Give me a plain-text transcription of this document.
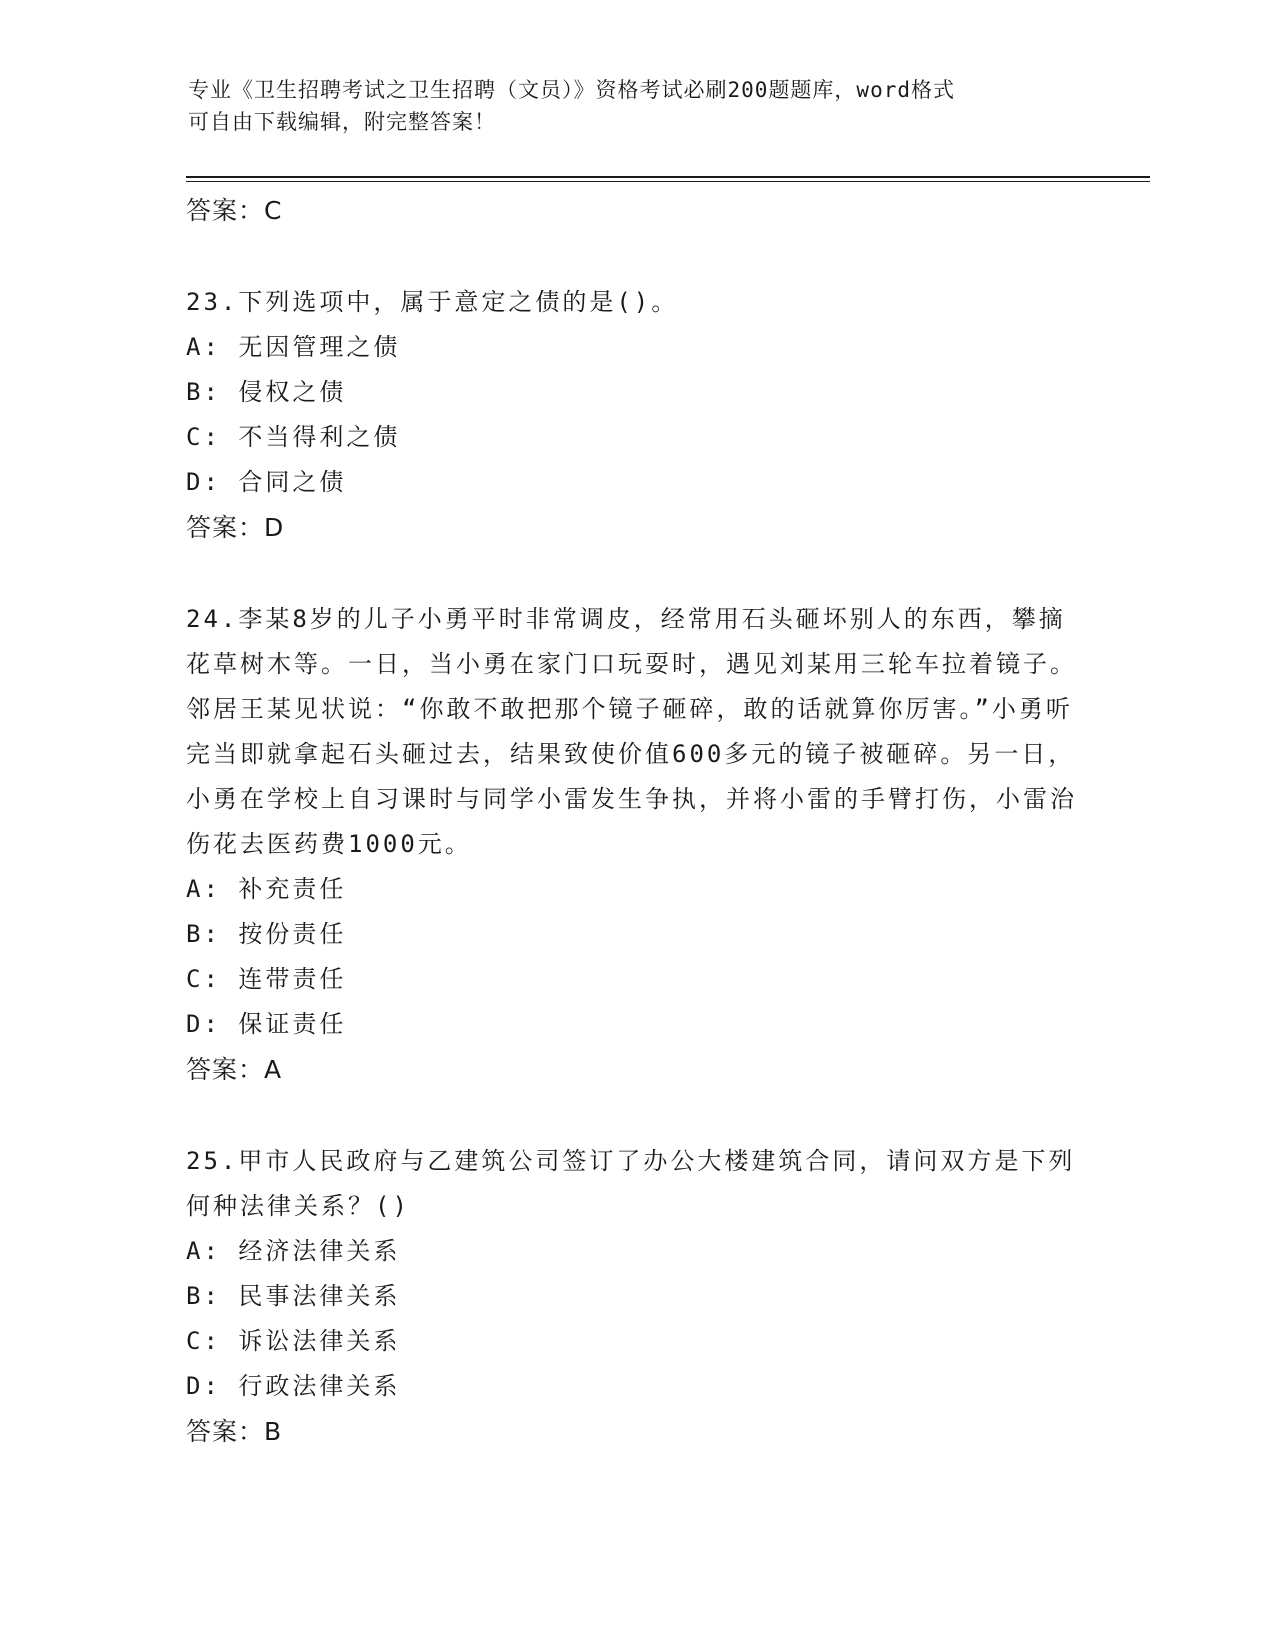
专业《卫生招聘考试之卫生招聘（文员）》资格考试必刷200题题库，word格式

可自由下载编辑，附完整答案！

答案：C

23.下列选项中，属于意定之债的是()。

A: 无因管理之债

B: 侵权之债

C: 不当得利之债

D: 合同之债

答案：D

24.李某8岁的儿子小勇平时非常调皮，经常用石头砸坏别人的东西，攀摘花草树木等。一日，当小勇在家门口玩耍时，遇见刘某用三轮车拉着镜子。邻居王某见状说：“你敢不敢把那个镜子砸碎，敢的话就算你厉害。”小勇听完当即就拿起石头砸过去，结果致使价值600多元的镜子被砸碎。另一日，小勇在学校上自习课时与同学小雷发生争执，并将小雷的手臂打伤，小雷治伤花去医药费1000元。

A: 补充责任

B: 按份责任

C: 连带责任

D: 保证责任

答案：A

25.甲市人民政府与乙建筑公司签订了办公大楼建筑合同，请问双方是下列何种法律关系？()

A: 经济法律关系

B: 民事法律关系

C: 诉讼法律关系

D: 行政法律关系

答案：B
